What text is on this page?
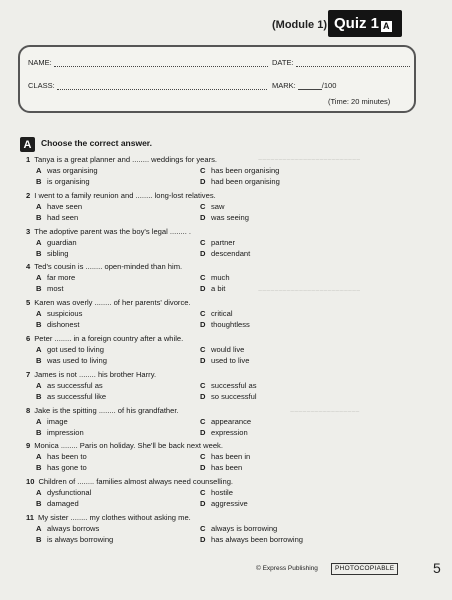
~~~~~~~~~~~~~~~~~~~~~~~~~
~~~~~~~~~~~~~~~~~~~~~~~~~
~~~~~~~~~~~~~~~~~
(Module 1) Quiz 1 A
NAME:	DATE:
CLASS:	MARK:	/100
(Time: 20 minutes)
A	Choose the correct answer.
1 Tanya is a great planner and ........ weddings for years.
A was organising
B is organising
C has been organising
D had been organising
2 I went to a family reunion and ........ long-lost relatives.
A have seen
B had seen
C saw
D was seeing
3 The adoptive parent was the boy's legal ........ .
A guardian
B sibling
C partner
D descendant
4 Ted's cousin is ........ open-minded than him.
A far more
B most
C much
D a bit
5 Karen was overly ........ of her parents' divorce.
A suspicious
B dishonest
C critical
D thoughtless
6 Peter ........ in a foreign country after a while.
A got used to living
B was used to living
C would live
D used to live
7 James is not ........ his brother Harry.
A as successful as
B as successful like
C successful as
D so successful
8 Jake is the spitting ........ of his grandfather.
A image
B impression
C appearance
D expression
9 Monica ........ Paris on holiday. She'll be back next week.
A has been to
B has gone to
C has been in
D has been
10 Children of ........ families almost always need counselling.
A dysfunctional
B damaged
C hostile
D aggressive
11 My sister ........ my clothes without asking me.
A always borrows
B is always borrowing
C always is borrowing
D has always been borrowing
© Express Publishing	PHOTOCOPIABLE	5
